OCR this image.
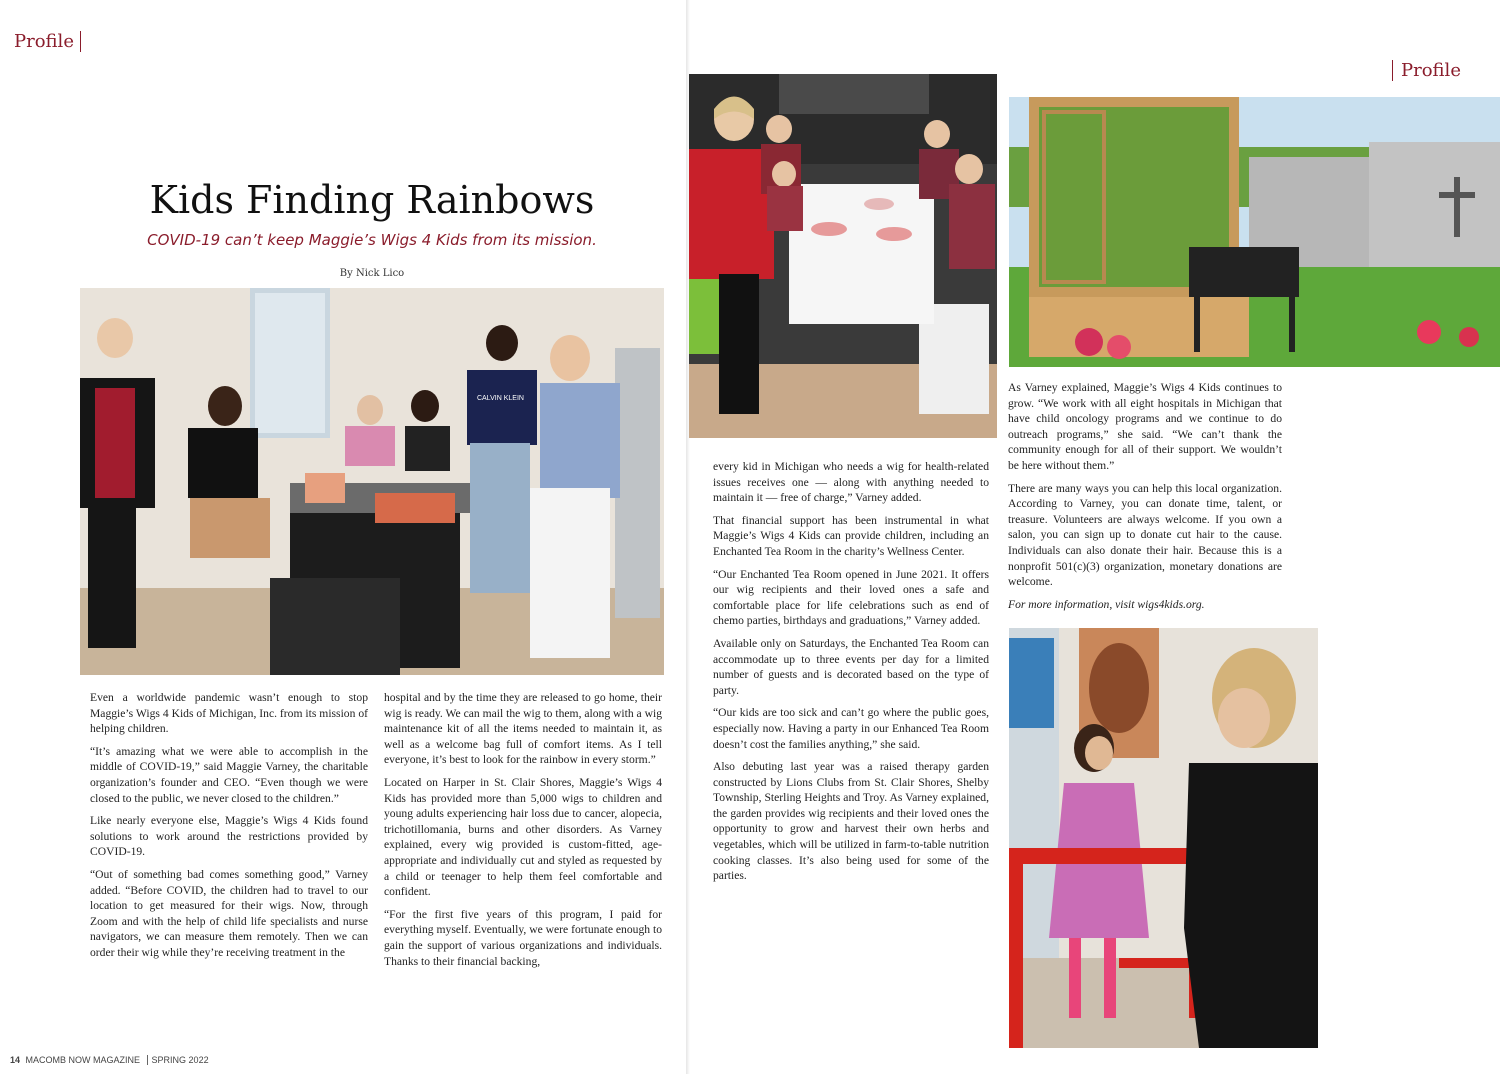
Profile
Profile
Kids Finding Rainbows
COVID-19 can’t keep Maggie’s Wigs 4 Kids from its mission.
By Nick Lico
CALVIN KLEIN

Even a worldwide pandemic wasn’t enough to stop Maggie’s Wigs 4 Kids of Michigan, Inc. from its mission of helping children.

“It’s amazing what we were able to accomplish in the middle of COVID-19,” said Maggie Varney, the charitable organization’s founder and CEO. “Even though we were closed to the public, we never closed to the children.”

Like nearly everyone else, Maggie’s Wigs 4 Kids found solutions to work around the restrictions provided by COVID-19.

“Out of something bad comes something good,” Varney added. “Before COVID, the children had to travel to our location to get measured for their wigs. Now, through Zoom and with the help of child life specialists and nurse navigators, we can measure them remotely. Then we can order their wig while they’re receiving treatment in the

hospital and by the time they are released to go home, their wig is ready. We can mail the wig to them, along with a wig maintenance kit of all the items needed to maintain it, as well as a welcome bag full of comfort items. As I tell everyone, it’s best to look for the rainbow in every storm.”

Located on Harper in St. Clair Shores, Maggie’s Wigs 4 Kids has provided more than 5,000 wigs to children and young adults experiencing hair loss due to cancer, alopecia, trichotillomania, burns and other disorders. As Varney explained, every wig provided is custom-fitted, age-appropriate and individually cut and styled as requested by a child or teenager to help them feel comfortable and confident.

“For the first five years of this program, I paid for everything myself. Eventually, we were fortunate enough to gain the support of various organizations and individuals. Thanks to their financial backing,

every kid in Michigan who needs a wig for health-related issues receives one — along with anything needed to maintain it — free of charge,” Varney added.

That financial support has been instrumental in what Maggie’s Wigs 4 Kids can provide children, including an Enchanted Tea Room in the charity’s Wellness Center.

“Our Enchanted Tea Room opened in June 2021. It offers our wig recipients and their loved ones a safe and comfortable place for life celebrations such as end of chemo parties, birthdays and graduations,” Varney added.

Available only on Saturdays, the Enchanted Tea Room can accommodate up to three events per day for a limited number of guests and is decorated based on the type of party.

“Our kids are too sick and can’t go where the public goes, especially now. Having a party in our Enhanced Tea Room doesn’t cost the families anything,” she said.

Also debuting last year was a raised therapy garden constructed by Lions Clubs from St. Clair Shores, Shelby Township, Sterling Heights and Troy. As Varney explained, the garden provides wig recipients and their loved ones the opportunity to grow and harvest their own herbs and vegetables, which will be utilized in farm-to-table nutrition cooking classes. It’s also being used for some of the parties.

As Varney explained, Maggie’s Wigs 4 Kids continues to grow. “We work with all eight hospitals in Michigan that have child oncology programs and we continue to do outreach programs,” she said. “We can’t thank the community enough for all of their support. We wouldn’t be here without them.”

There are many ways you can help this local organization. According to Varney, you can donate time, talent, or treasure. Volunteers are always welcome. If you own a salon, you can sign up to donate cut hair to the cause. Individuals can also donate their hair. Because this is a nonprofit 501(c)(3) organization, monetary donations are welcome.

For more information, visit wigs4kids.org.

14 MACOMB NOW MAGAZINE SPRING 2022
